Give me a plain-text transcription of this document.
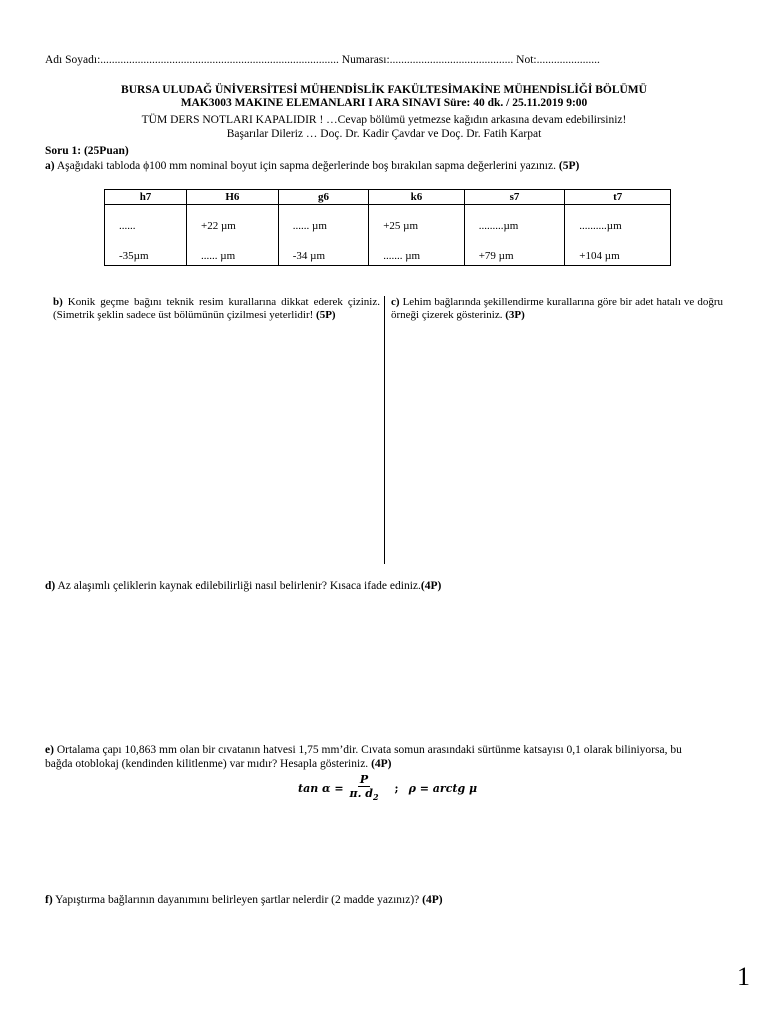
Adı Soyadı:................................................................................... Numarası:........................................... Not:......................
BURSA ULUDAĞ ÜNİVERSİTESİ MÜHENDİSLİK FAKÜLTESİMAKİNE MÜHENDİSLİĞİ BÖLÜMÜ
MAK3003 MAKINE ELEMANLARI I ARA SINAVI Süre: 40 dk. / 25.11.2019 9:00
TÜM DERS NOTLARI KAPALIDIR ! …Cevap bölümü yetmezse kağıdın arkasına devam edebilirsiniz!
Başarılar Dileriz … Doç. Dr. Kadir Çavdar ve Doç. Dr. Fatih Karpat
Soru 1: (25Puan)
a) Aşağıdaki tabloda ϕ100 mm nominal boyut için sapma değerlerinde boş bırakılan sapma değerlerini yazınız. (5P)
h7	H6	g6	k6	s7	t7
......	+22 µm	...... µm	+25 µm	.........µm	..........µm
-35µm	...... µm	-34 µm	....... µm	+79 µm	+104 µm
b) Konik geçme bağını teknik resim kurallarına dikkat ederek çiziniz. (Simetrik şeklin sadece üst bölümünün çizilmesi yeterlidir! (5P)
c) Lehim bağlarında şekillendirme kurallarına göre bir adet hatalı ve doğru örneği çizerek gösteriniz. (3P)
d) Az alaşımlı çeliklerin kaynak edilebilirliği nasıl belirlenir? Kısaca ifade ediniz.(4P)
e) Ortalama çapı 10,863 mm olan bir cıvatanın hatvesi 1,75 mm’dir. Cıvata somun arasındaki sürtünme katsayısı 0,1 olarak biliniyorsa, bu bağda otoblokaj (kendinden kilitlenme) var mıdır? Hesapla gösteriniz. (4P)
$\tan \alpha = \frac{P}{\pi. d_2}$ ; ρ = arctg μ
f) Yapıştırma bağlarının dayanımını belirleyen şartlar nelerdir (2 madde yazınız)? (4P)
1
